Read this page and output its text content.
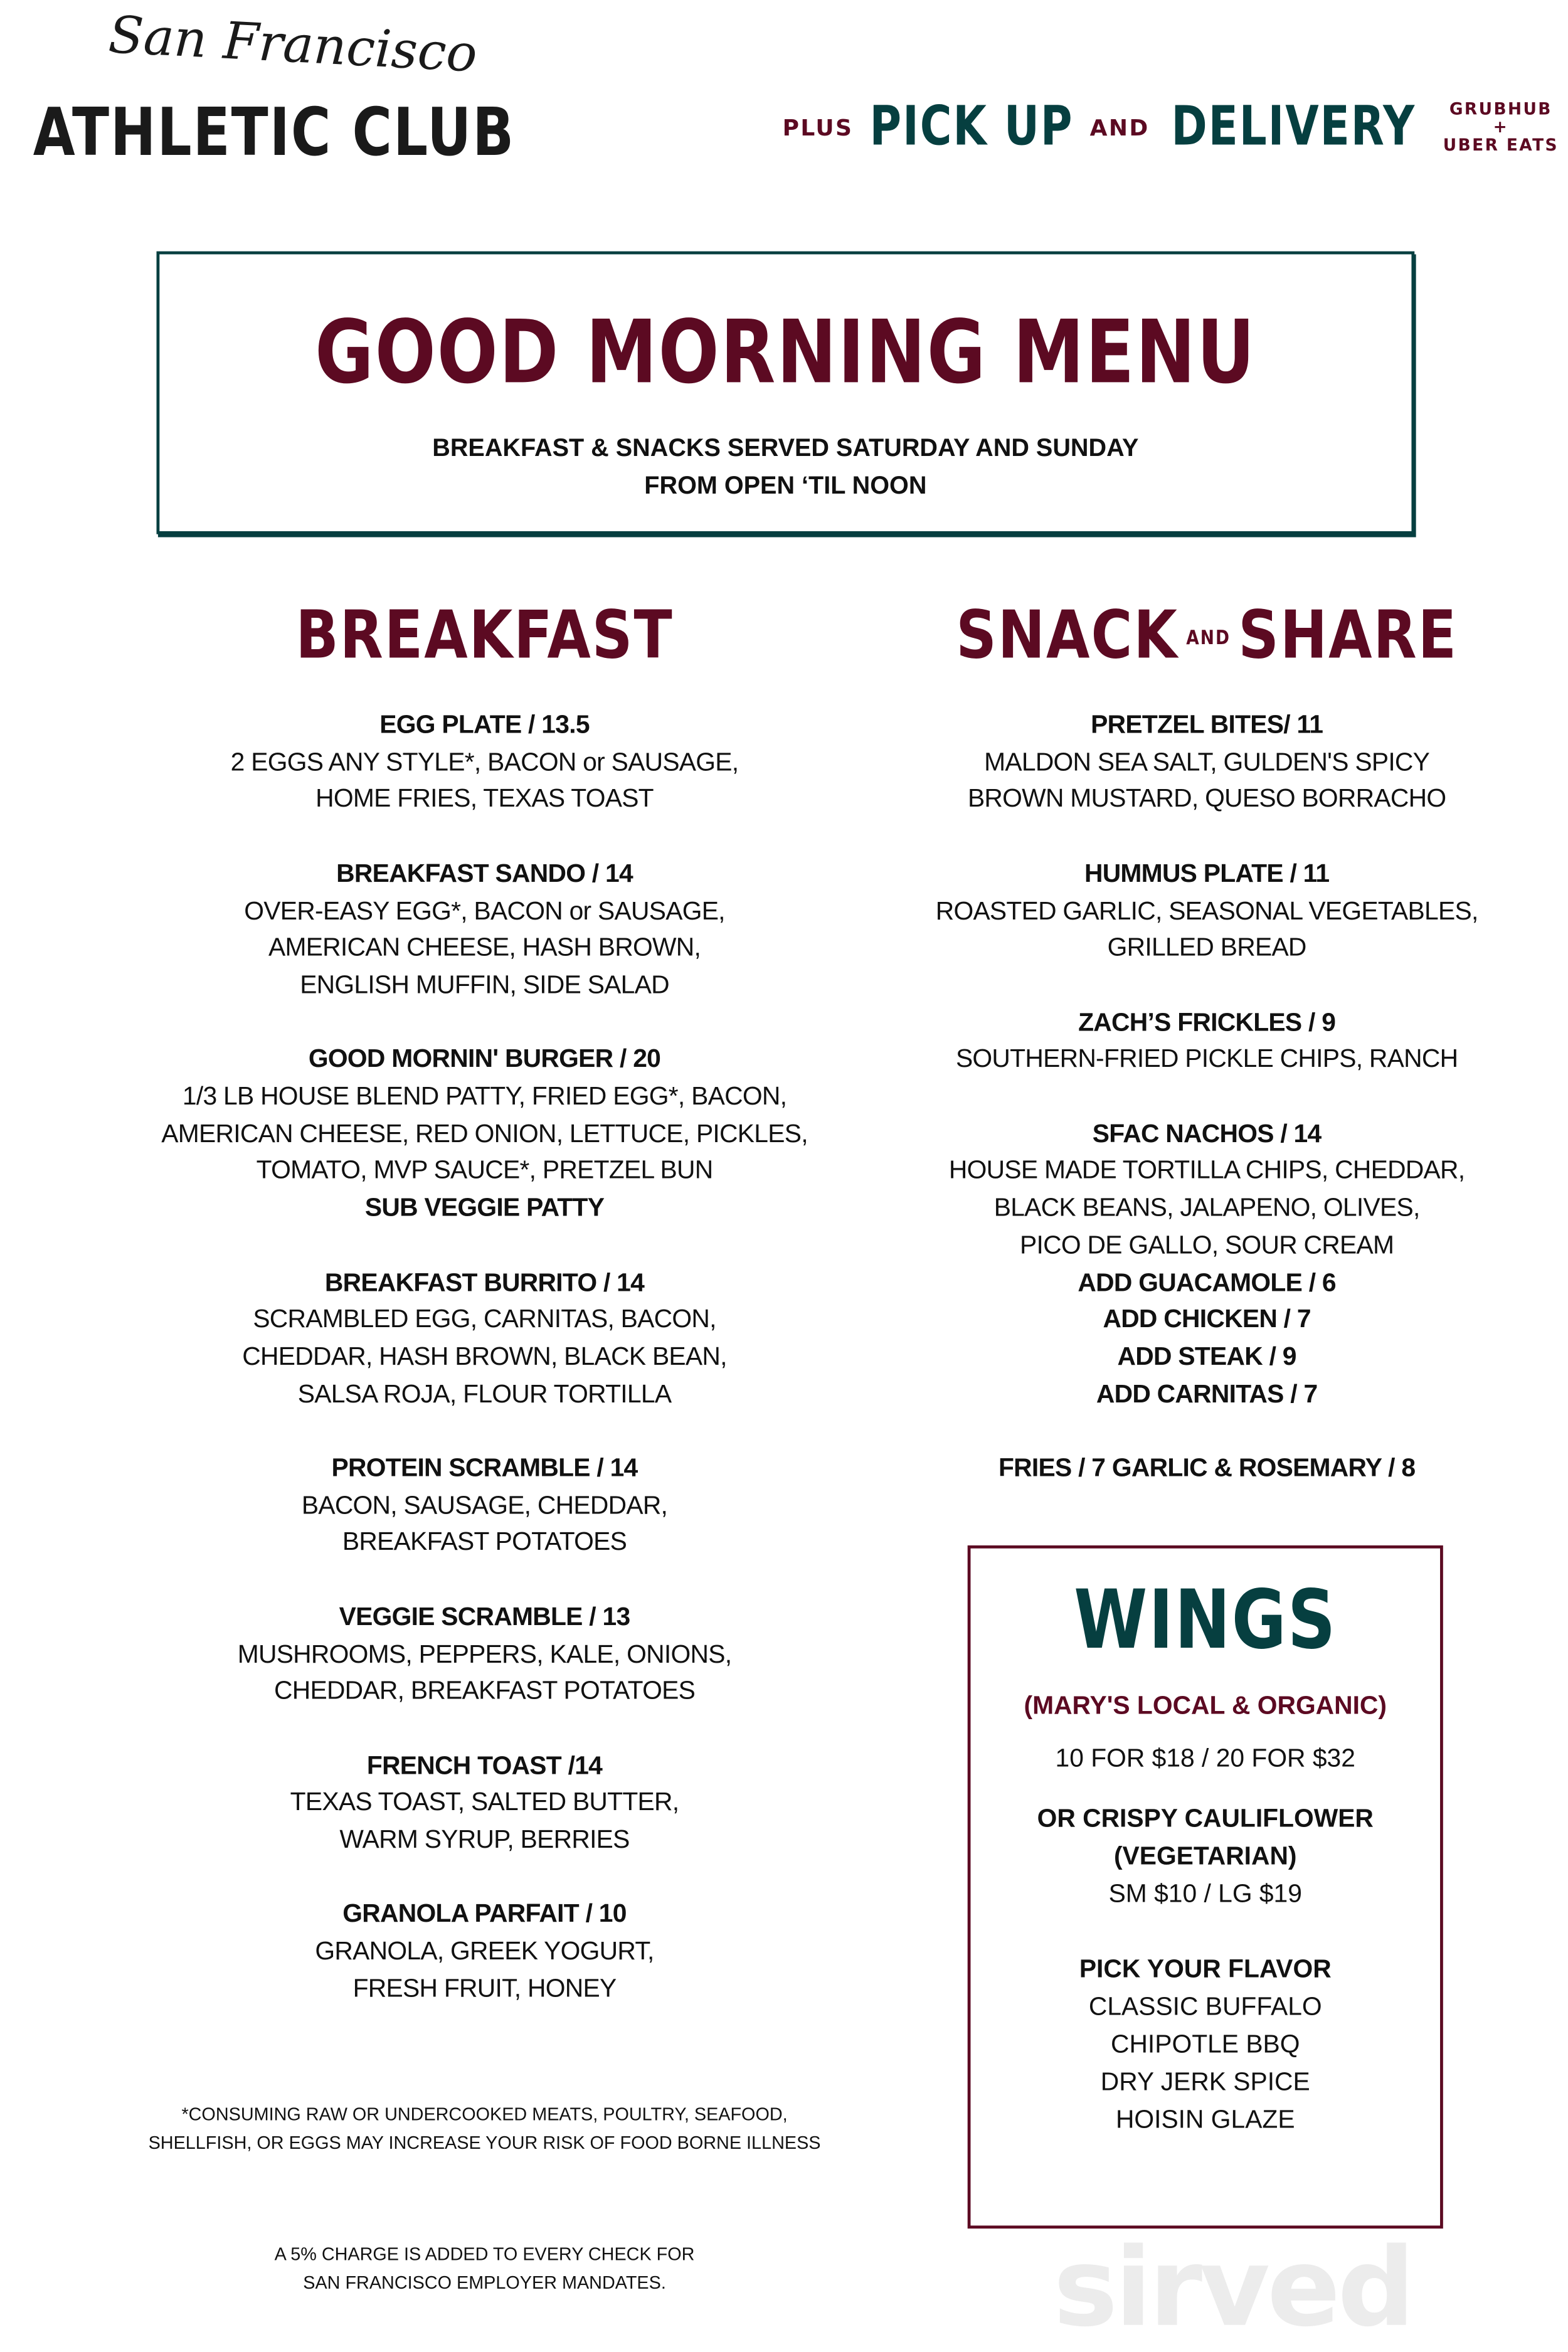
San Francisco
ATHLETIC CLUB	PLUS PICK UP AND DELIVERY	GRUBHUB
+
UBER EATS
GOOD MORNING MENU
BREAKFAST & SNACKS SERVED SATURDAY AND SUNDAY
FROM OPEN ‘TIL NOON
BREAKFAST
EGG PLATE / 13.5
2 EGGS ANY STYLE*, BACON or SAUSAGE,
HOME FRIES, TEXAS TOAST
BREAKFAST SANDO / 14
OVER-EASY EGG*, BACON or SAUSAGE,
AMERICAN CHEESE, HASH BROWN,
ENGLISH MUFFIN, SIDE SALAD
GOOD MORNIN' BURGER / 20
1/3 LB HOUSE BLEND PATTY, FRIED EGG*, BACON,
AMERICAN CHEESE, RED ONION, LETTUCE, PICKLES,
TOMATO, MVP SAUCE*, PRETZEL BUN
SUB VEGGIE PATTY
BREAKFAST BURRITO / 14
SCRAMBLED EGG, CARNITAS, BACON,
CHEDDAR, HASH BROWN, BLACK BEAN,
SALSA ROJA, FLOUR TORTILLA
PROTEIN SCRAMBLE / 14
BACON, SAUSAGE, CHEDDAR,
BREAKFAST POTATOES
VEGGIE SCRAMBLE / 13
MUSHROOMS, PEPPERS, KALE, ONIONS,
CHEDDAR, BREAKFAST POTATOES
FRENCH TOAST /14
TEXAS TOAST, SALTED BUTTER,
WARM SYRUP, BERRIES
GRANOLA PARFAIT / 10
GRANOLA, GREEK YOGURT,
FRESH FRUIT, HONEY
SNACK AND SHARE
PRETZEL BITES/ 11
MALDON SEA SALT, GULDEN'S SPICY
BROWN MUSTARD, QUESO BORRACHO
HUMMUS PLATE / 11
ROASTED GARLIC, SEASONAL VEGETABLES,
GRILLED BREAD
ZACH’S FRICKLES / 9
SOUTHERN-FRIED PICKLE CHIPS, RANCH
SFAC NACHOS / 14
HOUSE MADE TORTILLA CHIPS, CHEDDAR,
BLACK BEANS, JALAPENO, OLIVES,
PICO DE GALLO, SOUR CREAM
ADD GUACAMOLE / 6
ADD CHICKEN / 7
ADD STEAK / 9
ADD CARNITAS / 7
FRIES / 7 GARLIC & ROSEMARY / 8
WINGS
(MARY'S LOCAL & ORGANIC)
10 FOR $18 / 20 FOR $32
OR CRISPY CAULIFLOWER
(VEGETARIAN)
SM $10 / LG $19
PICK YOUR FLAVOR
CLASSIC BUFFALO
CHIPOTLE BBQ
DRY JERK SPICE
HOISIN GLAZE
sirved
*CONSUMING RAW OR UNDERCOOKED MEATS, POULTRY, SEAFOOD,
SHELLFISH, OR EGGS MAY INCREASE YOUR RISK OF FOOD BORNE ILLNESS
A 5% CHARGE IS ADDED TO EVERY CHECK FOR
SAN FRANCISCO EMPLOYER MANDATES.
